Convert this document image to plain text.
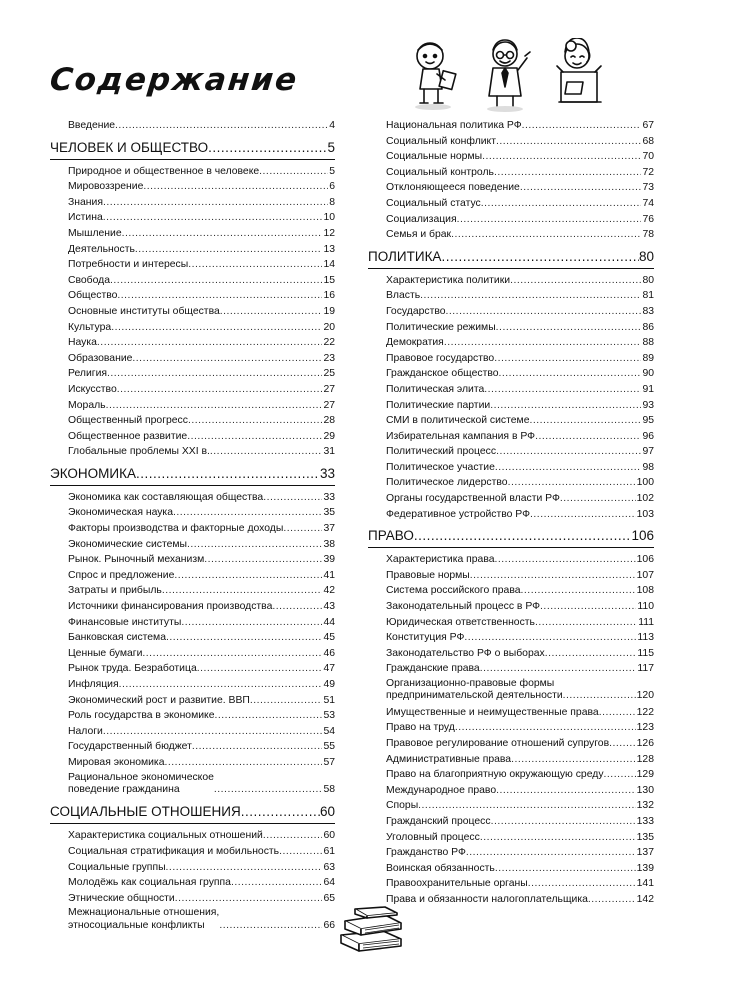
Содержание
Введение .....	4
ЧЕЛОВЕК И ОБЩЕСТВО .....	5
Природное и общественное в человеке .....	5
Мировоззрение .....	6
Знания .....	8
Истина .....	10
Мышление .....	12
Деятельность .....	13
Потребности и интересы .....	14
Свобода .....	15
Общество .....	16
Основные институты общества .....	19
Культура .....	20
Наука .....	22
Образование .....	23
Религия .....	25
Искусство .....	27
Мораль .....	27
Общественный прогресс .....	28
Общественное развитие .....	29
Глобальные проблемы XXI в. .....	31
ЭКОНОМИКА .....	33
Экономика как составляющая общества .....	33
Экономическая наука .....	35
Факторы производства и факторные доходы .....	37
Экономические системы .....	38
Рынок. Рыночный механизм .....	39
Спрос и предложение .....	41
Затраты и прибыль .....	42
Источники финансирования производства .....	43
Финансовые институты .....	44
Банковская система .....	45
Ценные бумаги .....	46
Рынок труда. Безработица .....	47
Инфляция .....	49
Экономический рост и развитие. ВВП .....	51
Роль государства в экономике .....	53
Налоги .....	54
Государственный бюджет .....	55
Мировая экономика .....	57
Рациональное экономическое
поведение гражданина .....	58
СОЦИАЛЬНЫЕ ОТНОШЕНИЯ .....	60
Характеристика социальных отношений .....	60
Социальная стратификация и мобильность .....	61
Социальные группы .....	63
Молодёжь как социальная группа .....	64
Этнические общности .....	65
Межнациональные отношения,
этносоциальные конфликты .....	66
Национальная политика РФ .....	67
Социальный конфликт .....	68
Социальные нормы .....	70
Социальный контроль .....	72
Отклоняющееся поведение .....	73
Социальный статус .....	74
Социализация .....	76
Семья и брак .....	78
ПОЛИТИКА .....	80
Характеристика политики .....	80
Власть .....	81
Государство .....	83
Политические режимы .....	86
Демократия .....	88
Правовое государство .....	89
Гражданское общество .....	90
Политическая элита .....	91
Политические партии .....	93
СМИ в политической системе .....	95
Избирательная кампания в РФ .....	96
Политический процесс .....	97
Политическое участие .....	98
Политическое лидерство .....	100
Органы государственной власти РФ .....	102
Федеративное устройство РФ .....	103
ПРАВО .....	106
Характеристика права .....	106
Правовые нормы .....	107
Система российского права .....	108
Законодательный процесс в РФ .....	110
Юридическая ответственность .....	111
Конституция РФ .....	113
Законодательство РФ о выборах .....	115
Гражданские права .....	117
Организационно-правовые формы
предпринимательской деятельности .....	120
Имущественные и неимущественные права .....	122
Право на труд .....	123
Правовое регулирование отношений супругов .....	126
Административные права .....	128
Право на благоприятную окружающую среду .....	129
Международное право .....	130
Споры .....	132
Гражданский процесс .....	133
Уголовный процесс .....	135
Гражданство РФ .....	137
Воинская обязанность .....	139
Правоохранительные органы .....	141
Права и обязанности налогоплательщика .....	142
